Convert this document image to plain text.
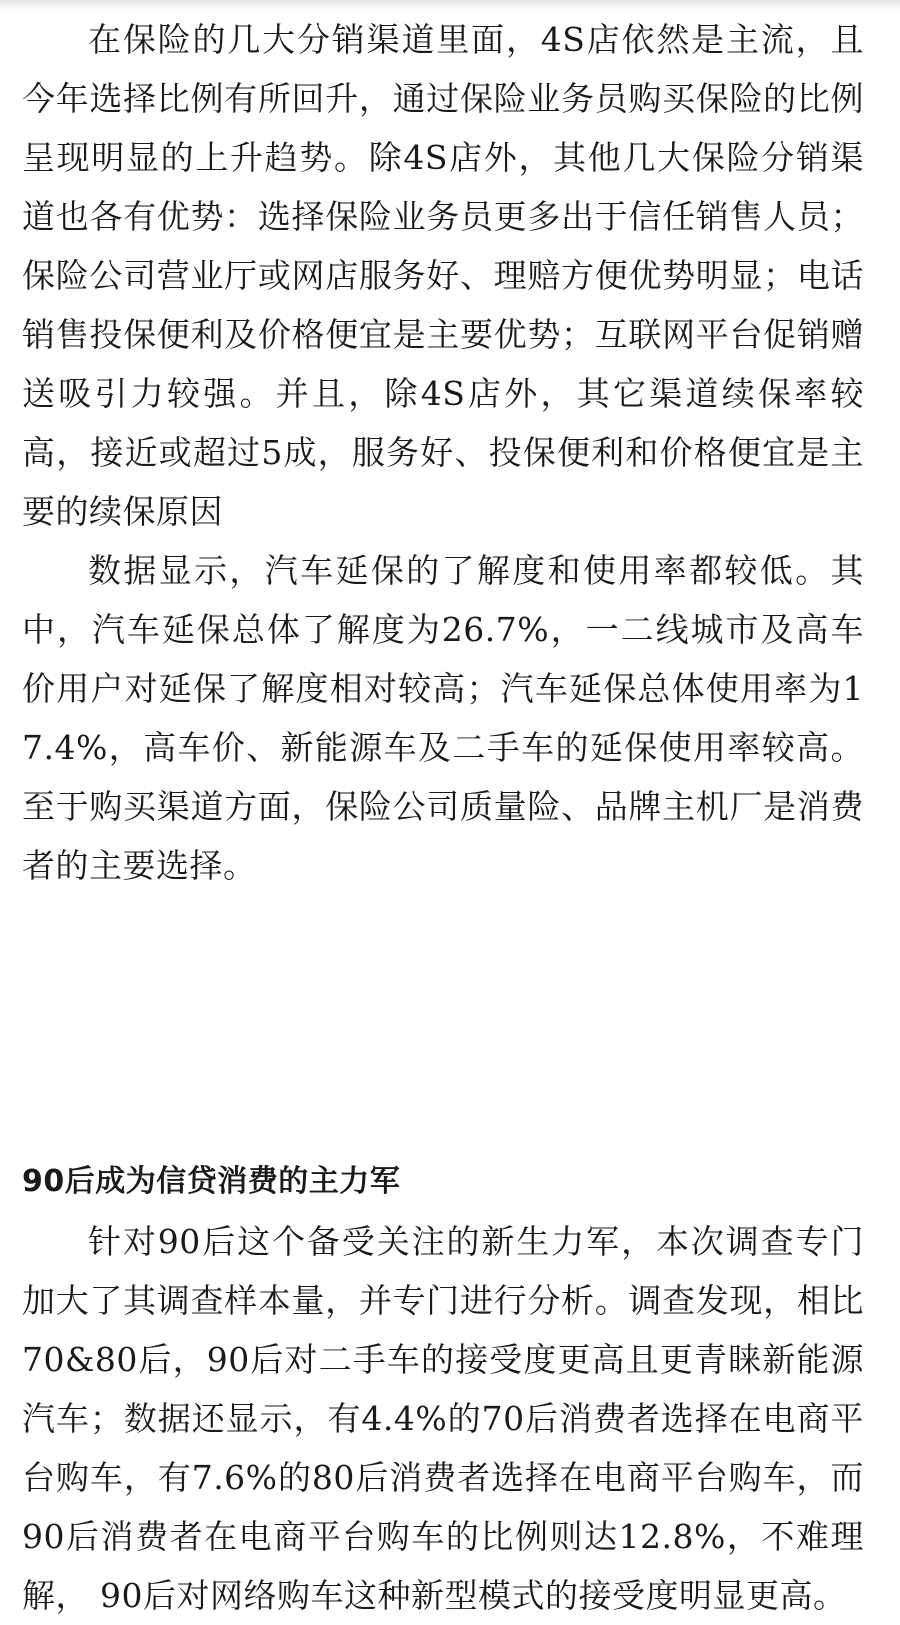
在保险的几大分销渠道里面，4S店依然是主流，且今年选择比例有所回升，通过保险业务员购买保险的比例呈现明显的上升趋势。除4S店外，其他几大保险分销渠道也各有优势：选择保险业务员更多出于信任销售人员；保险公司营业厅或网店服务好、理赔方便优势明显；电话销售投保便利及价格便宜是主要优势；互联网平台促销赠送吸引力较强。并且，除4S店外，其它渠道续保率较高，接近或超过5成，服务好、投保便利和价格便宜是主要的续保原因

数据显示，汽车延保的了解度和使用率都较低。其中，汽车延保总体了解度为26.7%，一二线城市及高车价用户对延保了解度相对较高；汽车延保总体使用率为17.4%，高车价、新能源车及二手车的延保使用率较高。至于购买渠道方面，保险公司质量险、品牌主机厂是消费者的主要选择。

90后成为信贷消费的主力军

针对90后这个备受关注的新生力军，本次调查专门加大了其调查样本量，并专门进行分析。调查发现，相比70&80后，90后对二手车的接受度更高且更青睐新能源汽车；数据还显示，有4.4%的70后消费者选择在电商平台购车，有7.6%的80后消费者选择在电商平台购车，而90后消费者在电商平台购车的比例则达12.8%，不难理解， 90后对网络购车这种新型模式的接受度明显更高。
